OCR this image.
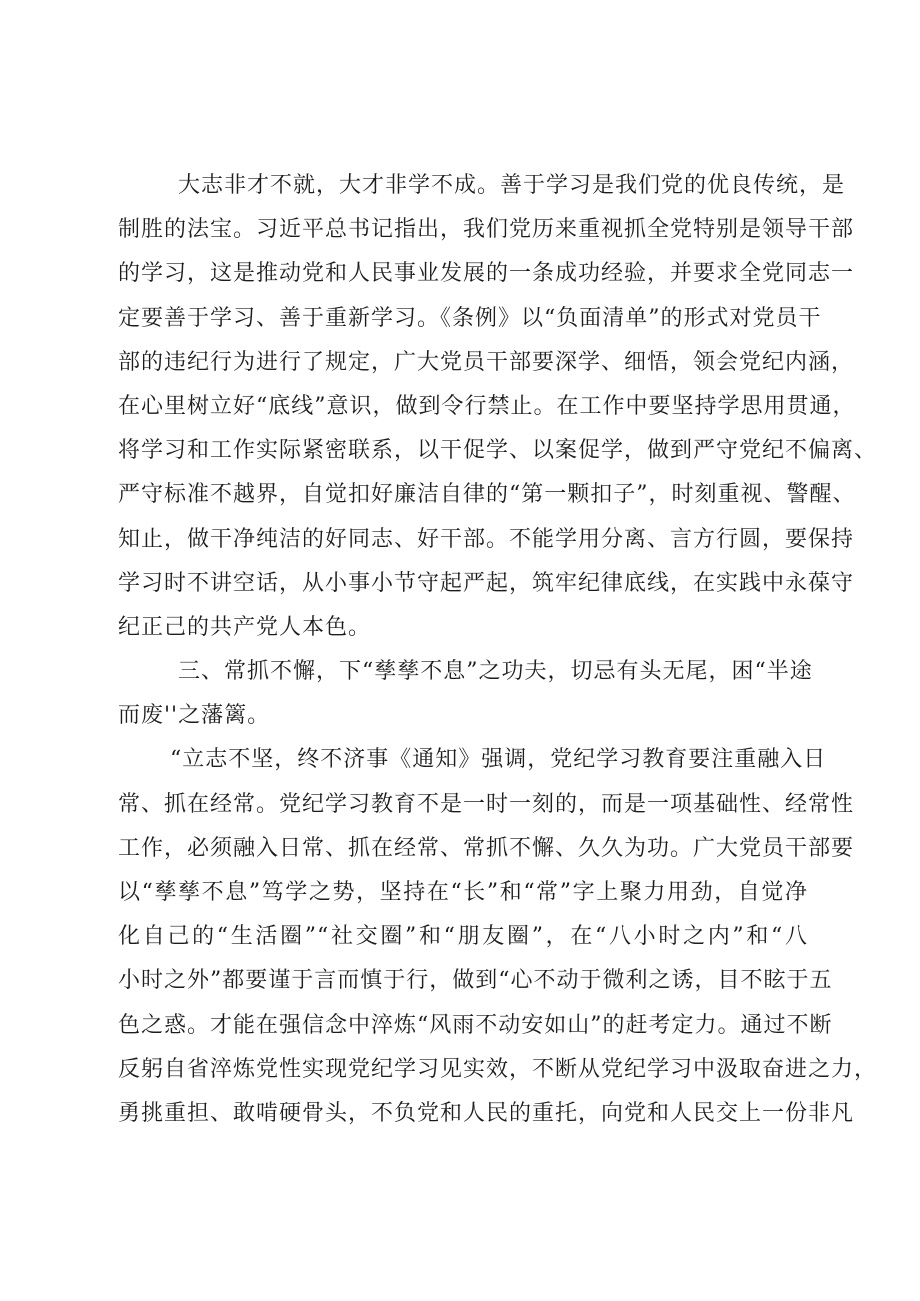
大志非才不就，大才非学不成。善于学习是我们党的优良传统，是
制胜的法宝。习近平总书记指出，我们党历来重视抓全党特别是领导干部
的学习，这是推动党和人民事业发展的一条成功经验，并要求全党同志一
定要善于学习、善于重新学习。《条例》以“负面清单”的形式对党员干
部的违纪行为进行了规定，广大党员干部要深学、细悟，领会党纪内涵，
在心里树立好“底线”意识，做到令行禁止。在工作中要坚持学思用贯通，
将学习和工作实际紧密联系，以干促学、以案促学，做到严守党纪不偏离、
严守标准不越界，自觉扣好廉洁自律的“第一颗扣子”，时刻重视、警醒、
知止，做干净纯洁的好同志、好干部。不能学用分离、言方行圆，要保持
学习时不讲空话，从小事小节守起严起，筑牢纪律底线，在实践中永葆守
纪正己的共产党人本色。
三、常抓不懈，下“孳孳不息”之功夫，切忌有头无尾，困“半途
而废''之藩篱。
“立志不坚，终不济事《通知》强调，党纪学习教育要注重融入日
常、抓在经常。党纪学习教育不是一时一刻的，而是一项基础性、经常性
工作，必须融入日常、抓在经常、常抓不懈、久久为功。广大党员干部要
以“孳孳不息”笃学之势，坚持在“长”和“常”字上聚力用劲，自觉净
化自己的“生活圈”“社交圈”和“朋友圈”，在“八小时之内”和“八
小时之外”都要谨于言而慎于行，做到“心不动于微利之诱，目不眩于五
色之惑。才能在强信念中淬炼“风雨不动安如山”的赶考定力。通过不断
反躬自省淬炼党性实现党纪学习见实效，不断从党纪学习中汲取奋进之力，
勇挑重担、敢啃硬骨头，不负党和人民的重托，向党和人民交上一份非凡
